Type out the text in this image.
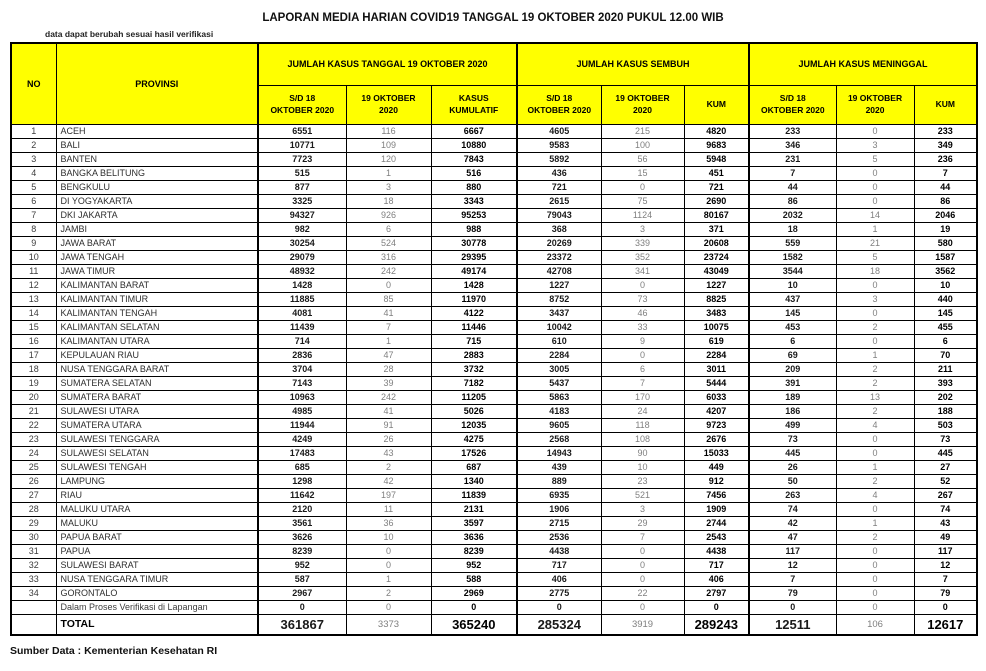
LAPORAN MEDIA HARIAN COVID19 TANGGAL 19 OKTOBER 2020 PUKUL 12.00 WIB
data dapat berubah sesuai hasil verifikasi
NO	PROVINSI	JUMLAH KASUS TANGGAL 19 OKTOBER 2020			JUMLAH KASUS SEMBUH			JUMLAH KASUS MENINGGAL		
		S/D 18 OKTOBER 2020	19 OKTOBER 2020	KASUS KUMULATIF	S/D 18 OKTOBER 2020	19 OKTOBER 2020	KUM	S/D 18 OKTOBER 2020	19 OKTOBER 2020	KUM
1	ACEH	6551	116	6667	4605	215	4820	233	0	233
2	BALI	10771	109	10880	9583	100	9683	346	3	349
3	BANTEN	7723	120	7843	5892	56	5948	231	5	236
4	BANGKA BELITUNG	515	1	516	436	15	451	7	0	7
5	BENGKULU	877	3	880	721	0	721	44	0	44
6	DI YOGYAKARTA	3325	18	3343	2615	75	2690	86	0	86
7	DKI JAKARTA	94327	926	95253	79043	1124	80167	2032	14	2046
8	JAMBI	982	6	988	368	3	371	18	1	19
9	JAWA BARAT	30254	524	30778	20269	339	20608	559	21	580
10	JAWA TENGAH	29079	316	29395	23372	352	23724	1582	5	1587
11	JAWA TIMUR	48932	242	49174	42708	341	43049	3544	18	3562
12	KALIMANTAN BARAT	1428	0	1428	1227	0	1227	10	0	10
13	KALIMANTAN TIMUR	11885	85	11970	8752	73	8825	437	3	440
14	KALIMANTAN TENGAH	4081	41	4122	3437	46	3483	145	0	145
15	KALIMANTAN SELATAN	11439	7	11446	10042	33	10075	453	2	455
16	KALIMANTAN UTARA	714	1	715	610	9	619	6	0	6
17	KEPULAUAN RIAU	2836	47	2883	2284	0	2284	69	1	70
18	NUSA TENGGARA BARAT	3704	28	3732	3005	6	3011	209	2	211
19	SUMATERA SELATAN	7143	39	7182	5437	7	5444	391	2	393
20	SUMATERA BARAT	10963	242	11205	5863	170	6033	189	13	202
21	SULAWESI UTARA	4985	41	5026	4183	24	4207	186	2	188
22	SUMATERA UTARA	11944	91	12035	9605	118	9723	499	4	503
23	SULAWESI TENGGARA	4249	26	4275	2568	108	2676	73	0	73
24	SULAWESI SELATAN	17483	43	17526	14943	90	15033	445	0	445
25	SULAWESI TENGAH	685	2	687	439	10	449	26	1	27
26	LAMPUNG	1298	42	1340	889	23	912	50	2	52
27	RIAU	11642	197	11839	6935	521	7456	263	4	267
28	MALUKU UTARA	2120	11	2131	1906	3	1909	74	0	74
29	MALUKU	3561	36	3597	2715	29	2744	42	1	43
30	PAPUA BARAT	3626	10	3636	2536	7	2543	47	2	49
31	PAPUA	8239	0	8239	4438	0	4438	117	0	117
32	SULAWESI BARAT	952	0	952	717	0	717	12	0	12
33	NUSA TENGGARA TIMUR	587	1	588	406	0	406	7	0	7
34	GORONTALO	2967	2	2969	2775	22	2797	79	0	79
	Dalam Proses Verifikasi di Lapangan	0	0	0	0	0	0	0	0	0
	TOTAL	361867	3373	365240	285324	3919	289243	12511	106	12617
Sumber Data : Kementerian Kesehatan RI
